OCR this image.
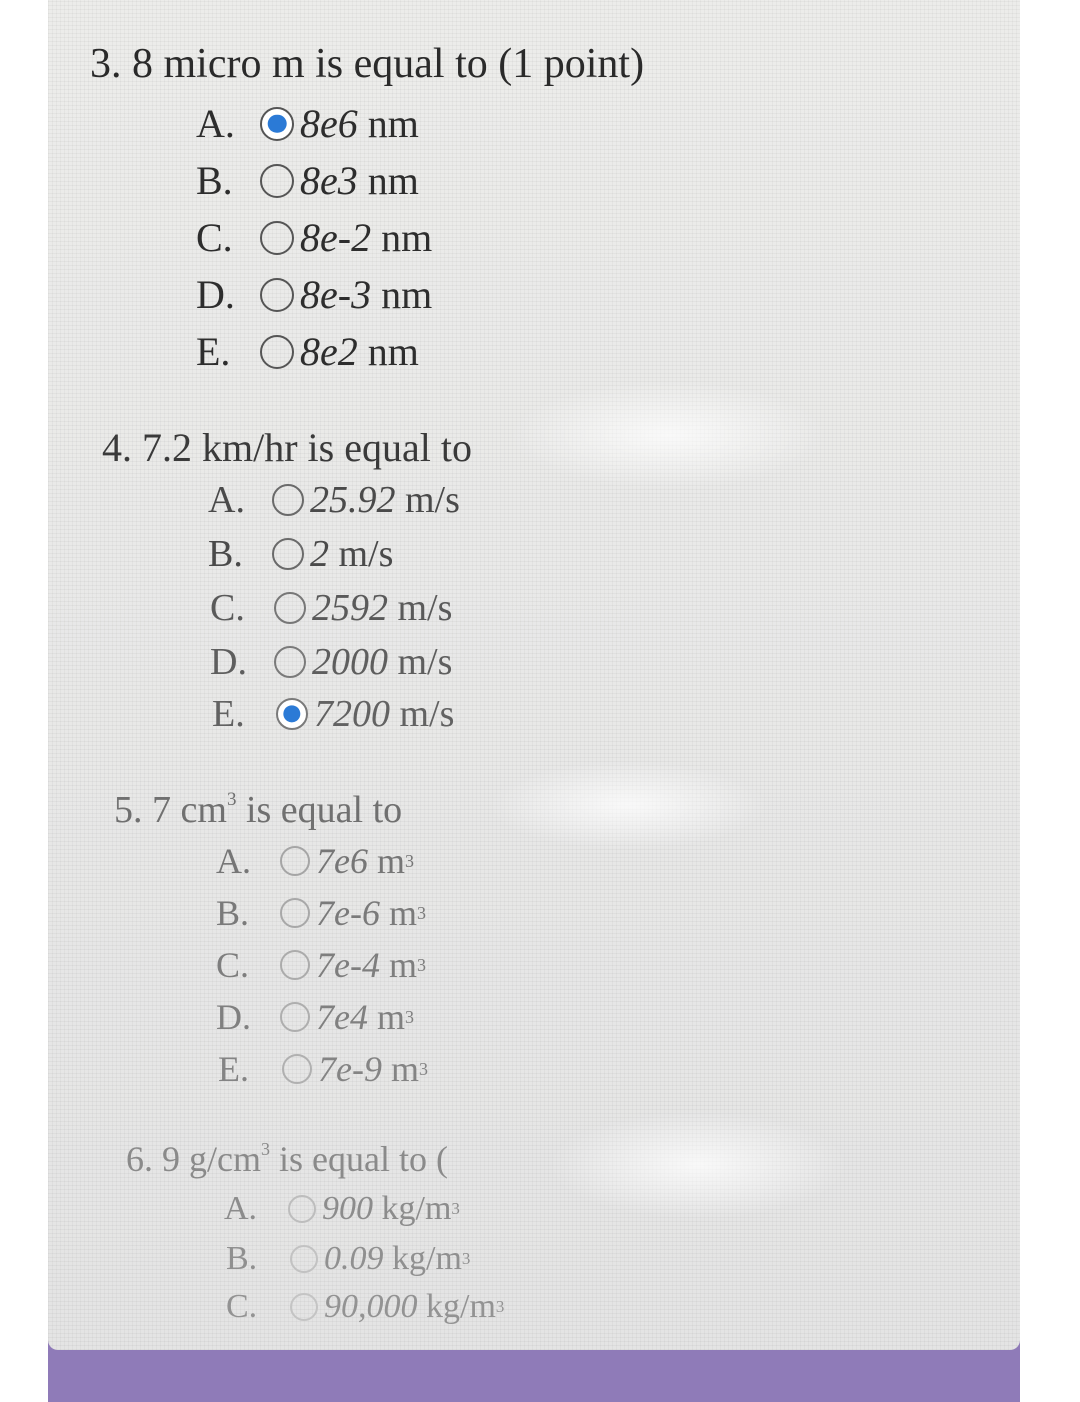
3. 8 micro m is equal to (1 point)
A.	8e6
nm
B.	8e3
nm
C.	8e-2
nm
D.	8e-3
nm
E.	8e2
nm
4. 7.2 km/hr is equal to
A.	25.92
m/s
B.	2
m/s
C.	2592
m/s
D.	2000
m/s
E.	7200
m/s
5. 7 $cm^3$ is equal to
A.	7e6
m 3
B.	7e-6
m 3
C.	7e-4
m 3
D.	7e4
m 3
E.	7e-9
m 3
6. 9 $g/cm^3$ is equal to (
A.	900
kg/m 3
B.	0.09
kg/m 3
C.	90,000
kg/m 3
